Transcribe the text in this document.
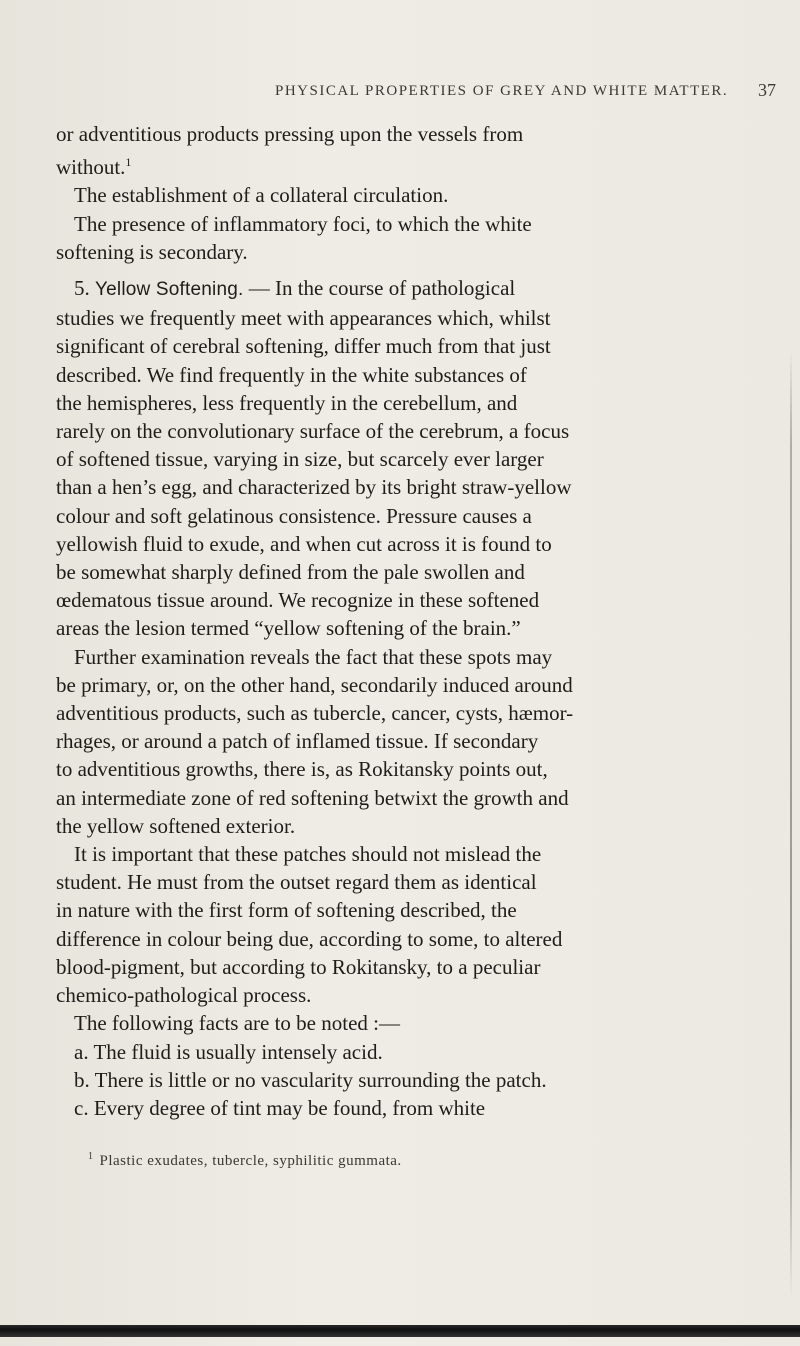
PHYSICAL PROPERTIES OF GREY AND WHITE MATTER. 37
or adventitious products pressing upon the vessels from
without.$^1$
The establishment of a collateral circulation.
The presence of inflammatory foci, to which the white
softening is secondary.
5. Yellow Softening. — In the course of pathological
studies we frequently meet with appearances which, whilst
significant of cerebral softening, differ much from that just
described. We find frequently in the white substances of
the hemispheres, less frequently in the cerebellum, and
rarely on the convolutionary surface of the cerebrum, a focus
of softened tissue, varying in size, but scarcely ever larger
than a hen’s egg, and characterized by its bright straw-yellow
colour and soft gelatinous consistence. Pressure causes a
yellowish fluid to exude, and when cut across it is found to
be somewhat sharply defined from the pale swollen and
œdematous tissue around. We recognize in these softened
areas the lesion termed “yellow softening of the brain.”
Further examination reveals the fact that these spots may
be primary, or, on the other hand, secondarily induced around
adventitious products, such as tubercle, cancer, cysts, hæmor-
rhages, or around a patch of inflamed tissue. If secondary
to adventitious growths, there is, as Rokitansky points out,
an intermediate zone of red softening betwixt the growth and
the yellow softened exterior.
It is important that these patches should not mislead the
student. He must from the outset regard them as identical
in nature with the first form of softening described, the
difference in colour being due, according to some, to altered
blood-pigment, but according to Rokitansky, to a peculiar
chemico-pathological process.
The following facts are to be noted :—
a. The fluid is usually intensely acid.
b. There is little or no vascularity surrounding the patch.
c. Every degree of tint may be found, from white
$^1$ Plastic exudates, tubercle, syphilitic gummata.
